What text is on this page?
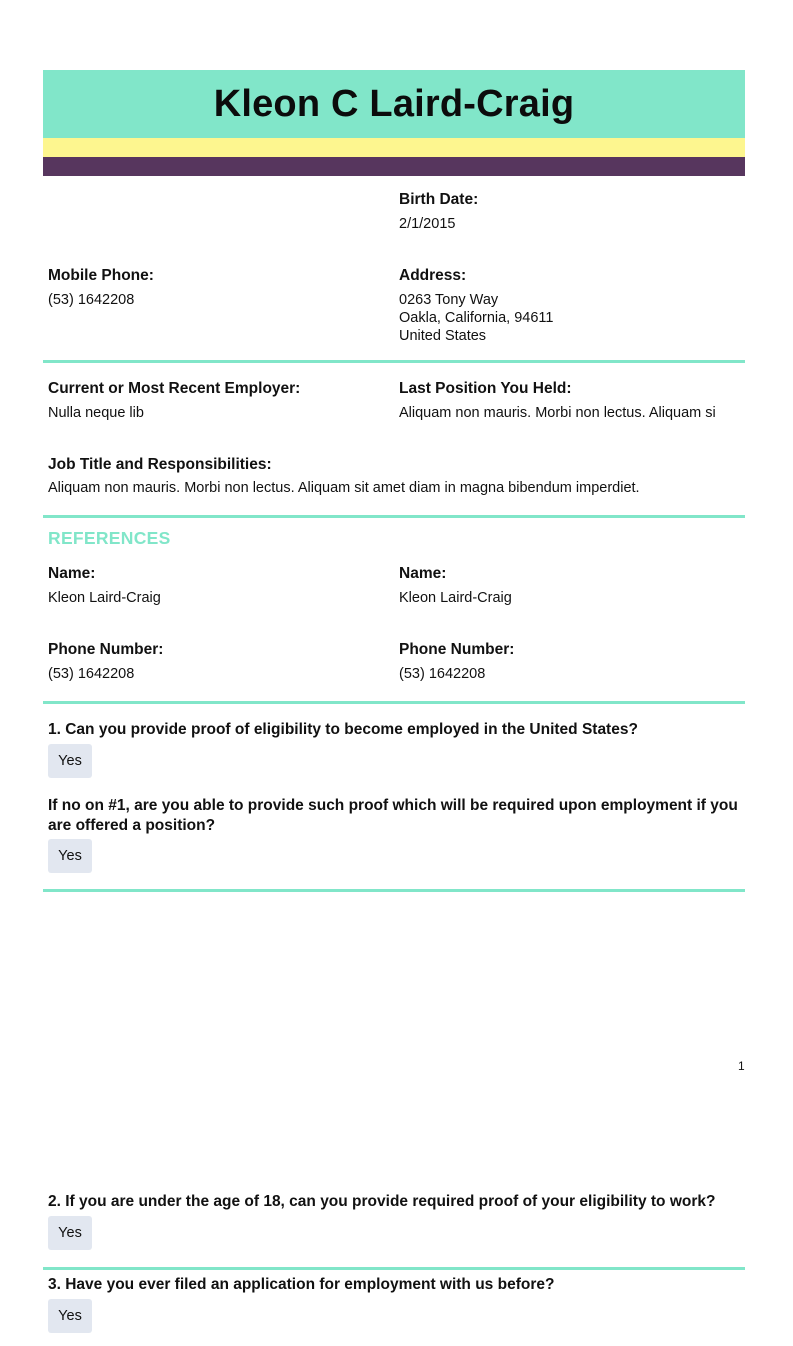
Kleon C Laird-Craig
Birth Date:
2/1/2015
Mobile Phone:
(53) 1642208
Address:
0263 Tony Way
Oakla, California, 94611
United States
Current or Most Recent Employer:
Nulla neque lib
Last Position You Held:
Aliquam non mauris. Morbi non lectus. Aliquam si
Job Title and Responsibilities:
Aliquam non mauris. Morbi non lectus. Aliquam sit amet diam in magna bibendum imperdiet.
REFERENCES
Name:
Kleon Laird-Craig
Name:
Kleon Laird-Craig
Phone Number:
(53) 1642208
Phone Number:
(53) 1642208
1. Can you provide proof of eligibility to become employed in the United States?
Yes
If no on #1, are you able to provide such proof which will be required upon employment if you are offered a position?
Yes
1
2. If you are under the age of 18, can you provide required proof of your eligibility to work?
Yes
3. Have you ever filed an application for employment with us before?
Yes
